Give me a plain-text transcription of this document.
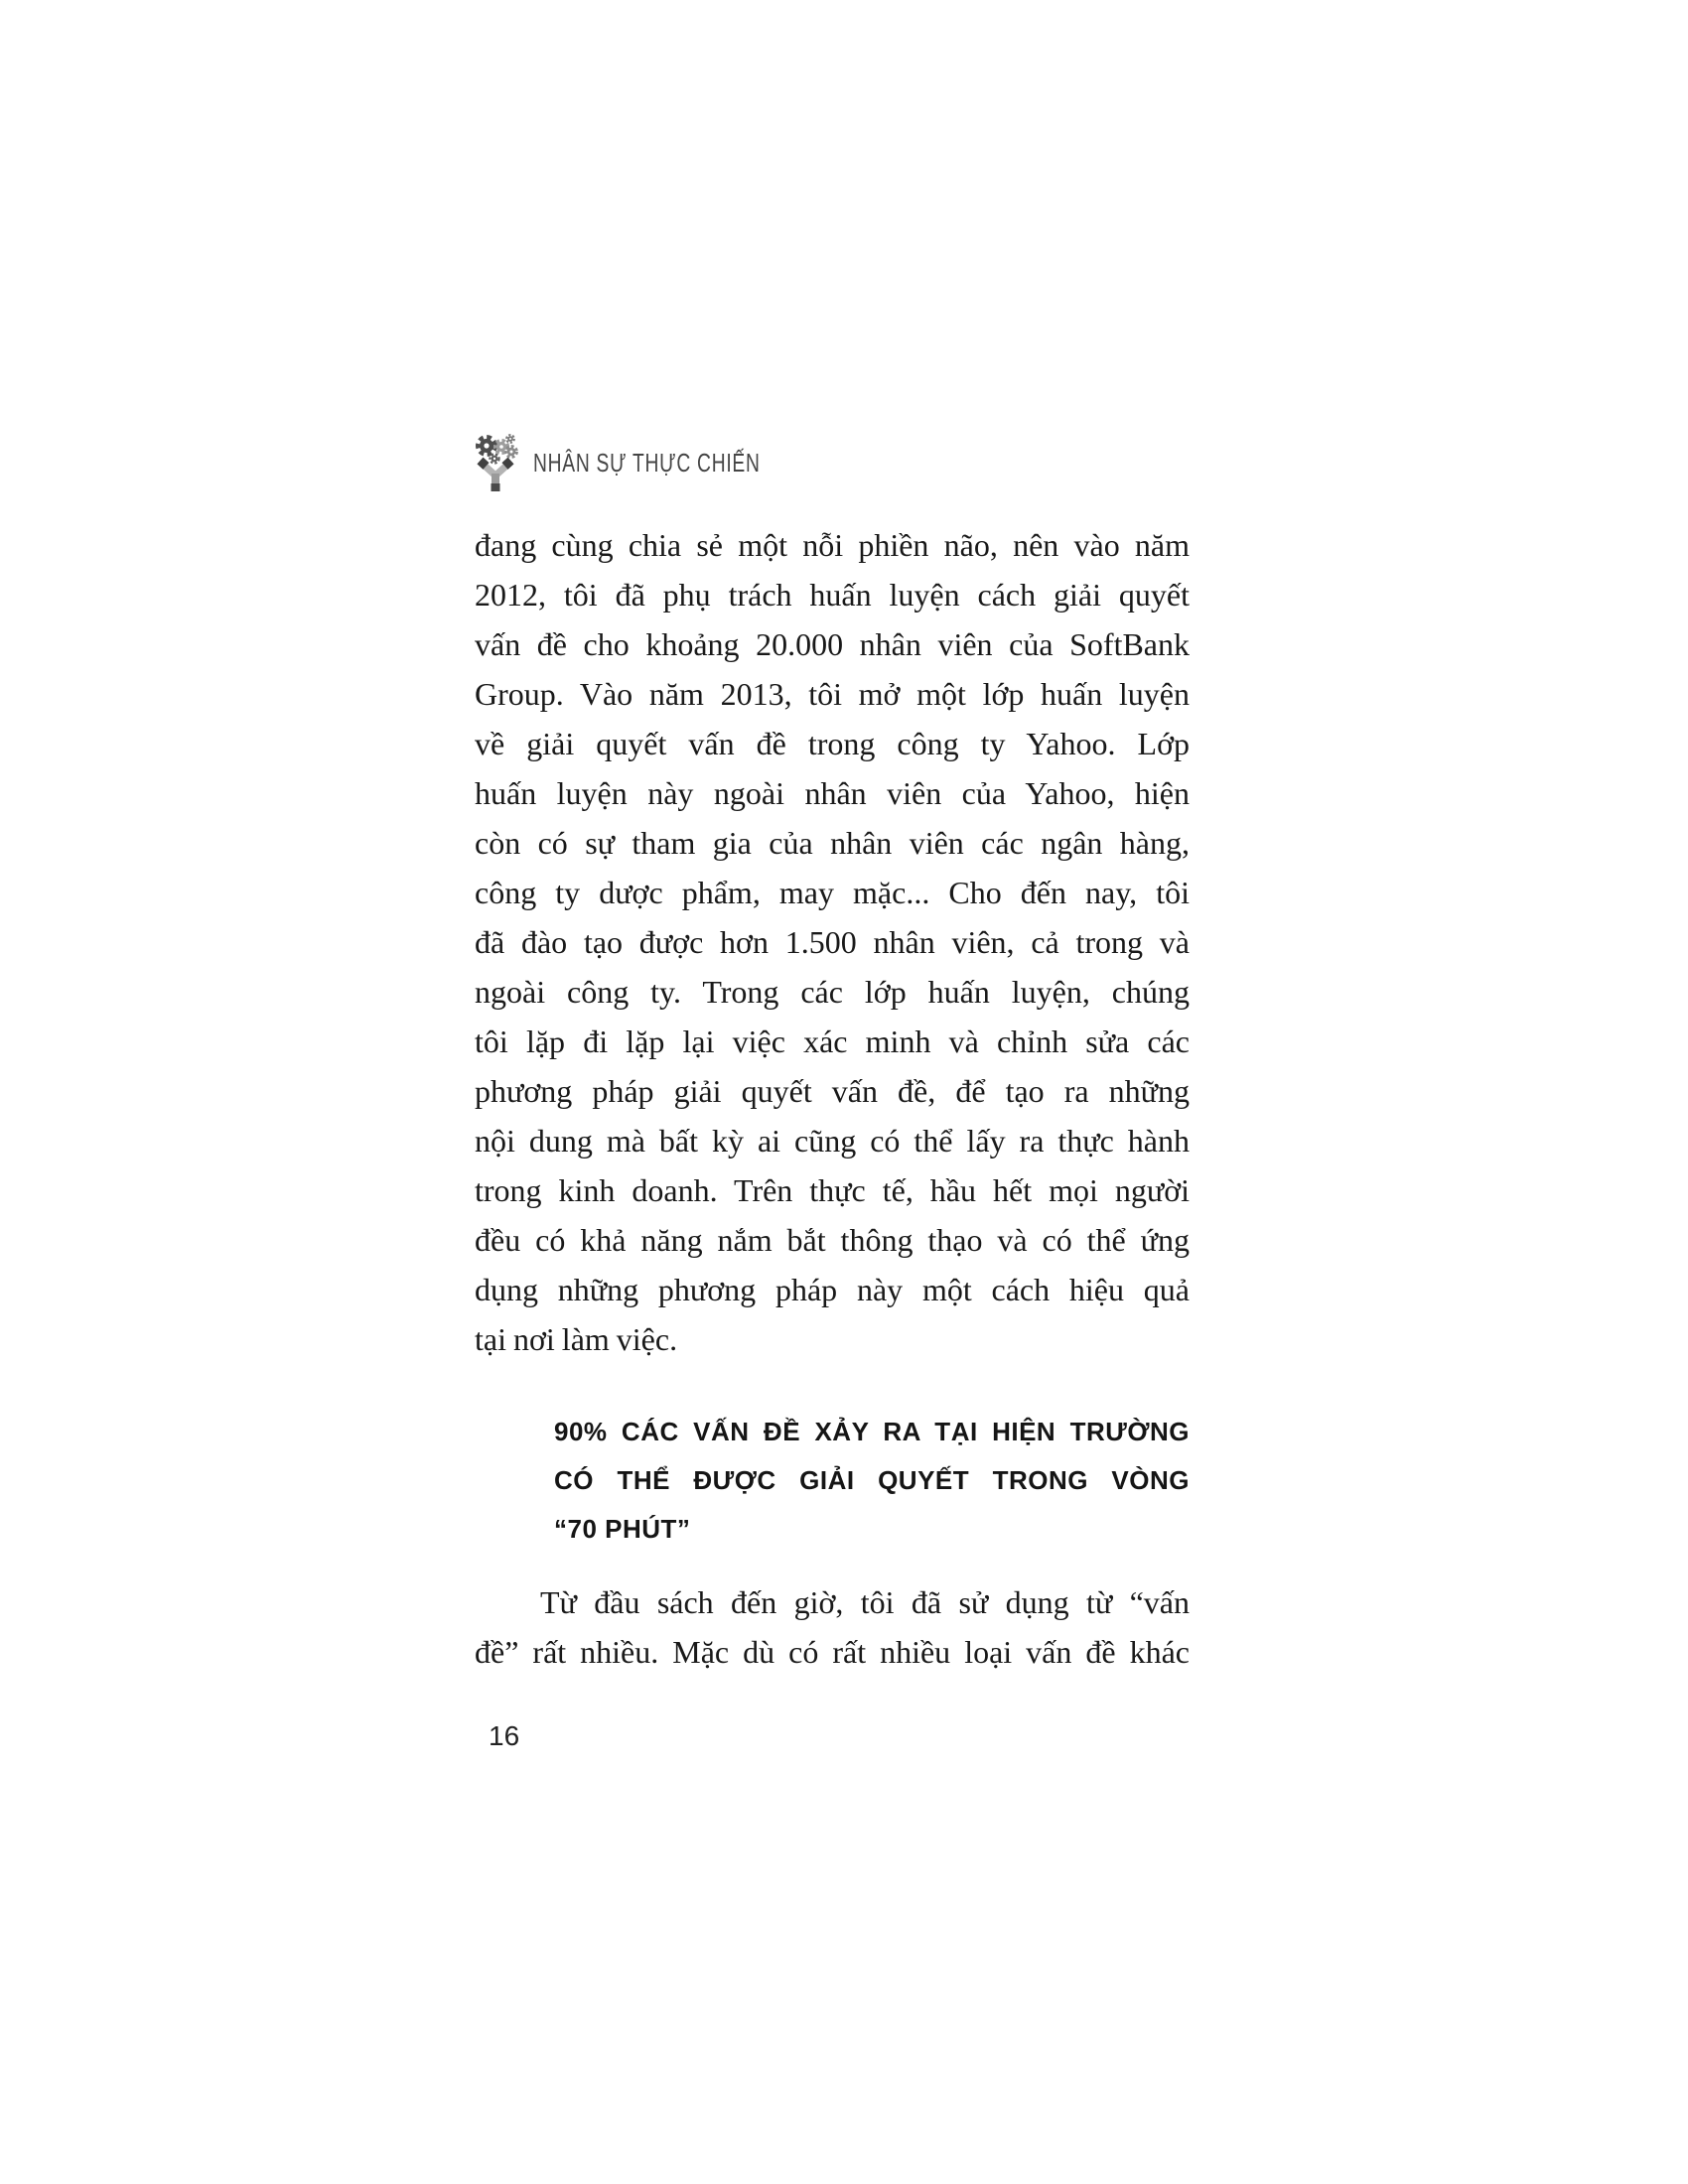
NHÂN SỰ THỰC CHIẾN
đang cùng chia sẻ một nỗi phiền não, nên vào năm
2012, tôi đã phụ trách huấn luyện cách giải quyết
vấn đề cho khoảng 20.000 nhân viên của SoftBank
Group. Vào năm 2013, tôi mở một lớp huấn luyện
về giải quyết vấn đề trong công ty Yahoo. Lớp
huấn luyện này ngoài nhân viên của Yahoo, hiện
còn có sự tham gia của nhân viên các ngân hàng,
công ty dược phẩm, may mặc... Cho đến nay, tôi
đã đào tạo được hơn 1.500 nhân viên, cả trong và
ngoài công ty. Trong các lớp huấn luyện, chúng
tôi lặp đi lặp lại việc xác minh và chỉnh sửa các
phương pháp giải quyết vấn đề, để tạo ra những
nội dung mà bất kỳ ai cũng có thể lấy ra thực hành
trong kinh doanh. Trên thực tế, hầu hết mọi người
đều có khả năng nắm bắt thông thạo và có thể ứng
dụng những phương pháp này một cách hiệu quả
tại nơi làm việc.
90% CÁC VẤN ĐỀ XẢY RA TẠI HIỆN TRƯỜNG
CÓ THỂ ĐƯỢC GIẢI QUYẾT TRONG VÒNG
“70 PHÚT”
Từ đầu sách đến giờ, tôi đã sử dụng từ “vấn
đề” rất nhiều. Mặc dù có rất nhiều loại vấn đề khác
16
